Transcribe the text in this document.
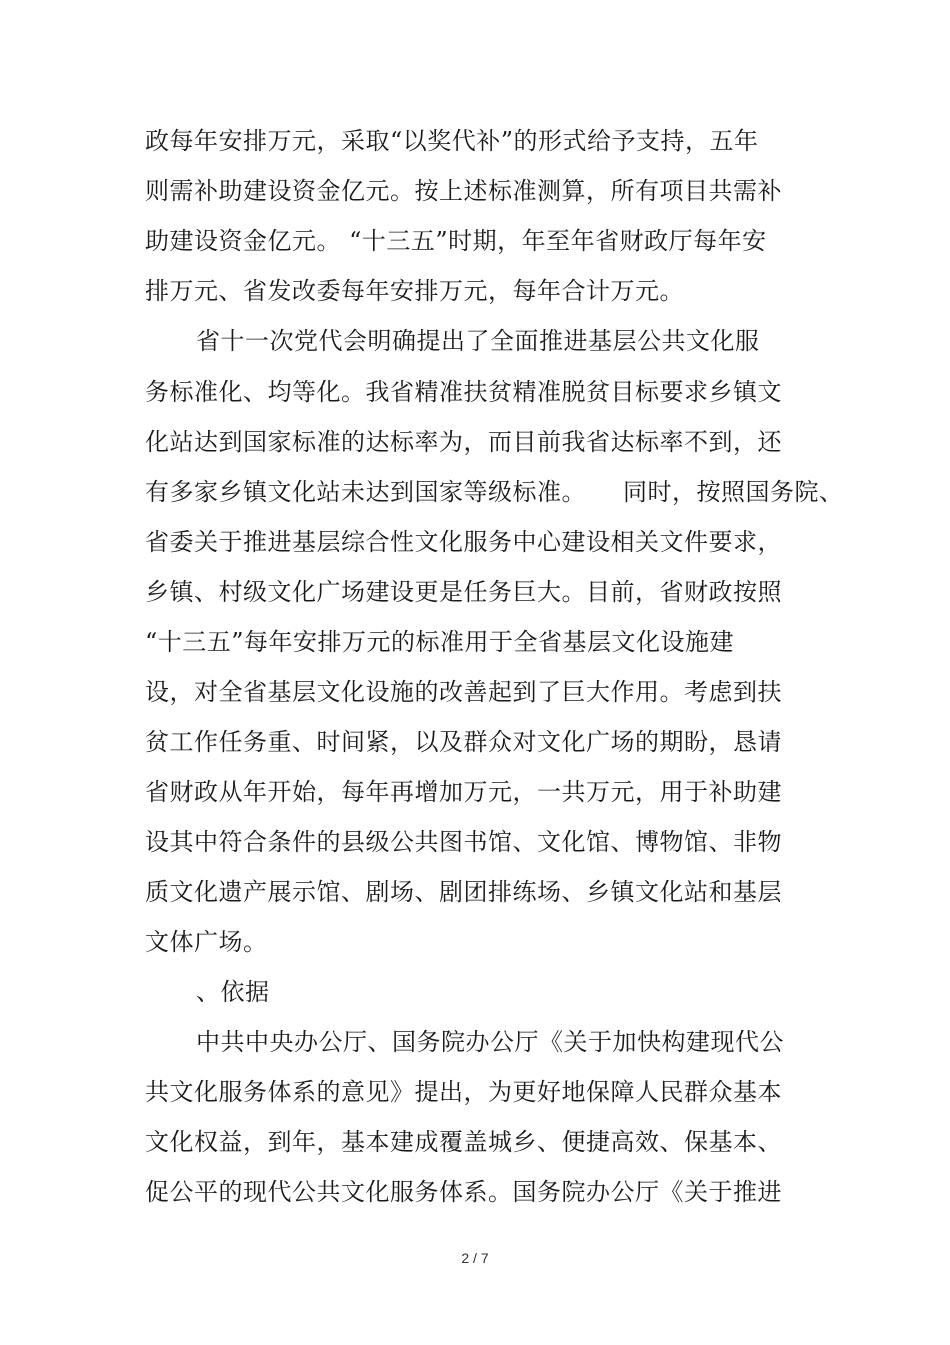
政每年安排万元，采取“以奖代补”的形式给予支持，五年
则需补助建设资金亿元。按上述标准测算，所有项目共需补
助建设资金亿元。 “十三五”时期，年至年省财政厅每年安
排万元、省发改委每年安排万元，每年合计万元。
省十一次党代会明确提出了全面推进基层公共文化服
务标准化、均等化。我省精准扶贫精准脱贫目标要求乡镇文
化站达到国家标准的达标率为，而目前我省达标率不到，还
有多家乡镇文化站未达到国家等级标准。　　同时，按照国务院、
省委关于推进基层综合性文化服务中心建设相关文件要求，
乡镇、村级文化广场建设更是任务巨大。目前，省财政按照
“十三五”每年安排万元的标准用于全省基层文化设施建
设，对全省基层文化设施的改善起到了巨大作用。考虑到扶
贫工作任务重、时间紧，以及群众对文化广场的期盼，恳请
省财政从年开始，每年再增加万元，一共万元，用于补助建
设其中符合条件的县级公共图书馆、文化馆、博物馆、非物
质文化遗产展示馆、剧场、剧团排练场、乡镇文化站和基层
文体广场。
、依据
中共中央办公厅、国务院办公厅《关于加快构建现代公
共文化服务体系的意见》提出，为更好地保障人民群众基本
文化权益，到年，基本建成覆盖城乡、便捷高效、保基本、
促公平的现代公共文化服务体系。国务院办公厅《关于推进
2 / 7
